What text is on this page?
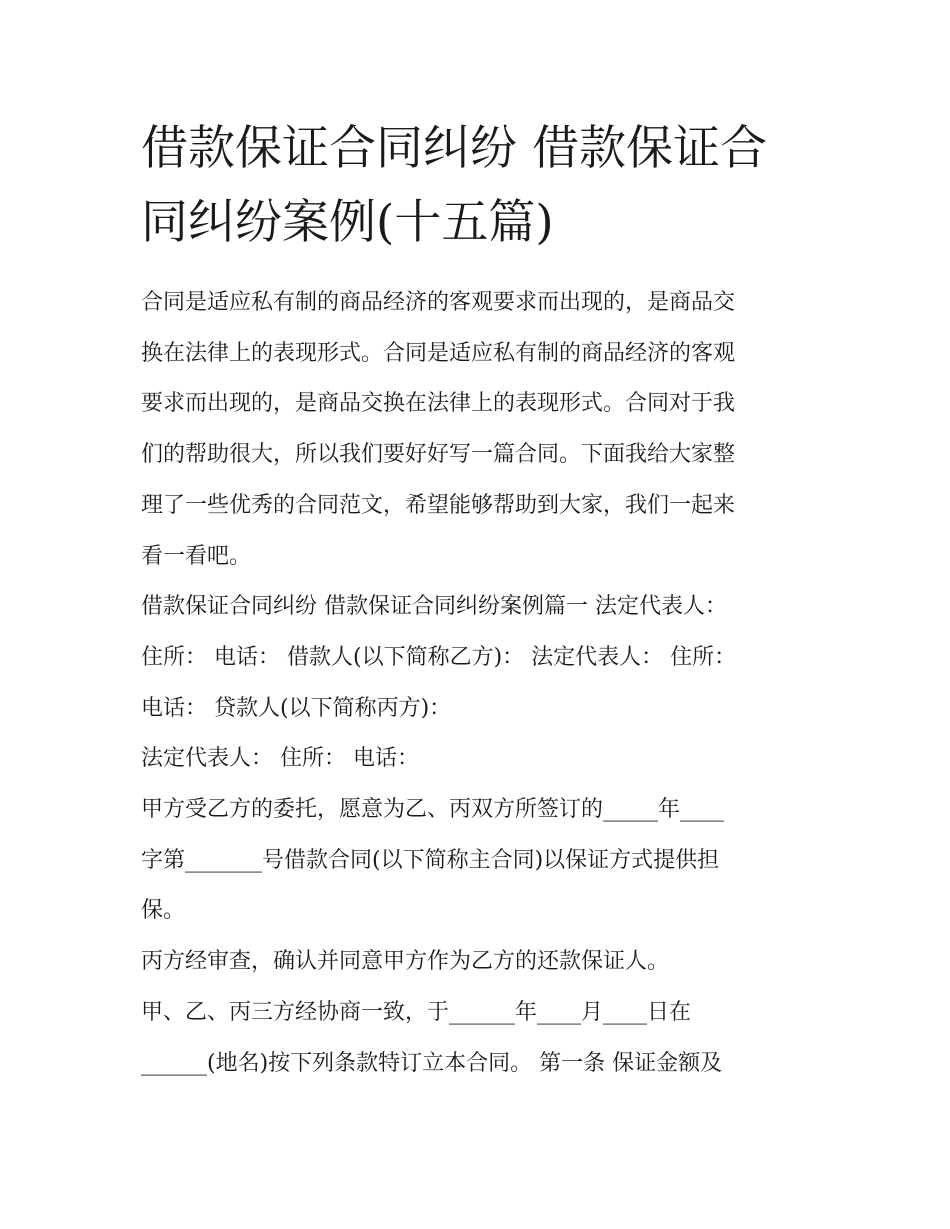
借款保证合同纠纷 借款保证合
同纠纷案例(十五篇)
合同是适应私有制的商品经济的客观要求而出现的，是商品交
换在法律上的表现形式。合同是适应私有制的商品经济的客观
要求而出现的，是商品交换在法律上的表现形式。合同对于我
们的帮助很大，所以我们要好好写一篇合同。下面我给大家整
理了一些优秀的合同范文，希望能够帮助到大家，我们一起来
看一看吧。
借款保证合同纠纷 借款保证合同纠纷案例篇一 法定代表人：
住所： 电话： 借款人(以下简称乙方)： 法定代表人： 住所：
电话： 贷款人(以下简称丙方)：
法定代表人： 住所： 电话：
甲方受乙方的委托，愿意为乙、丙双方所签订的_____年____
字第_______号借款合同(以下简称主合同)以保证方式提供担
保。
丙方经审查，确认并同意甲方作为乙方的还款保证人。
甲、乙、丙三方经协商一致，于______年____月____日在
______(地名)按下列条款特订立本合同。 第一条 保证金额及
